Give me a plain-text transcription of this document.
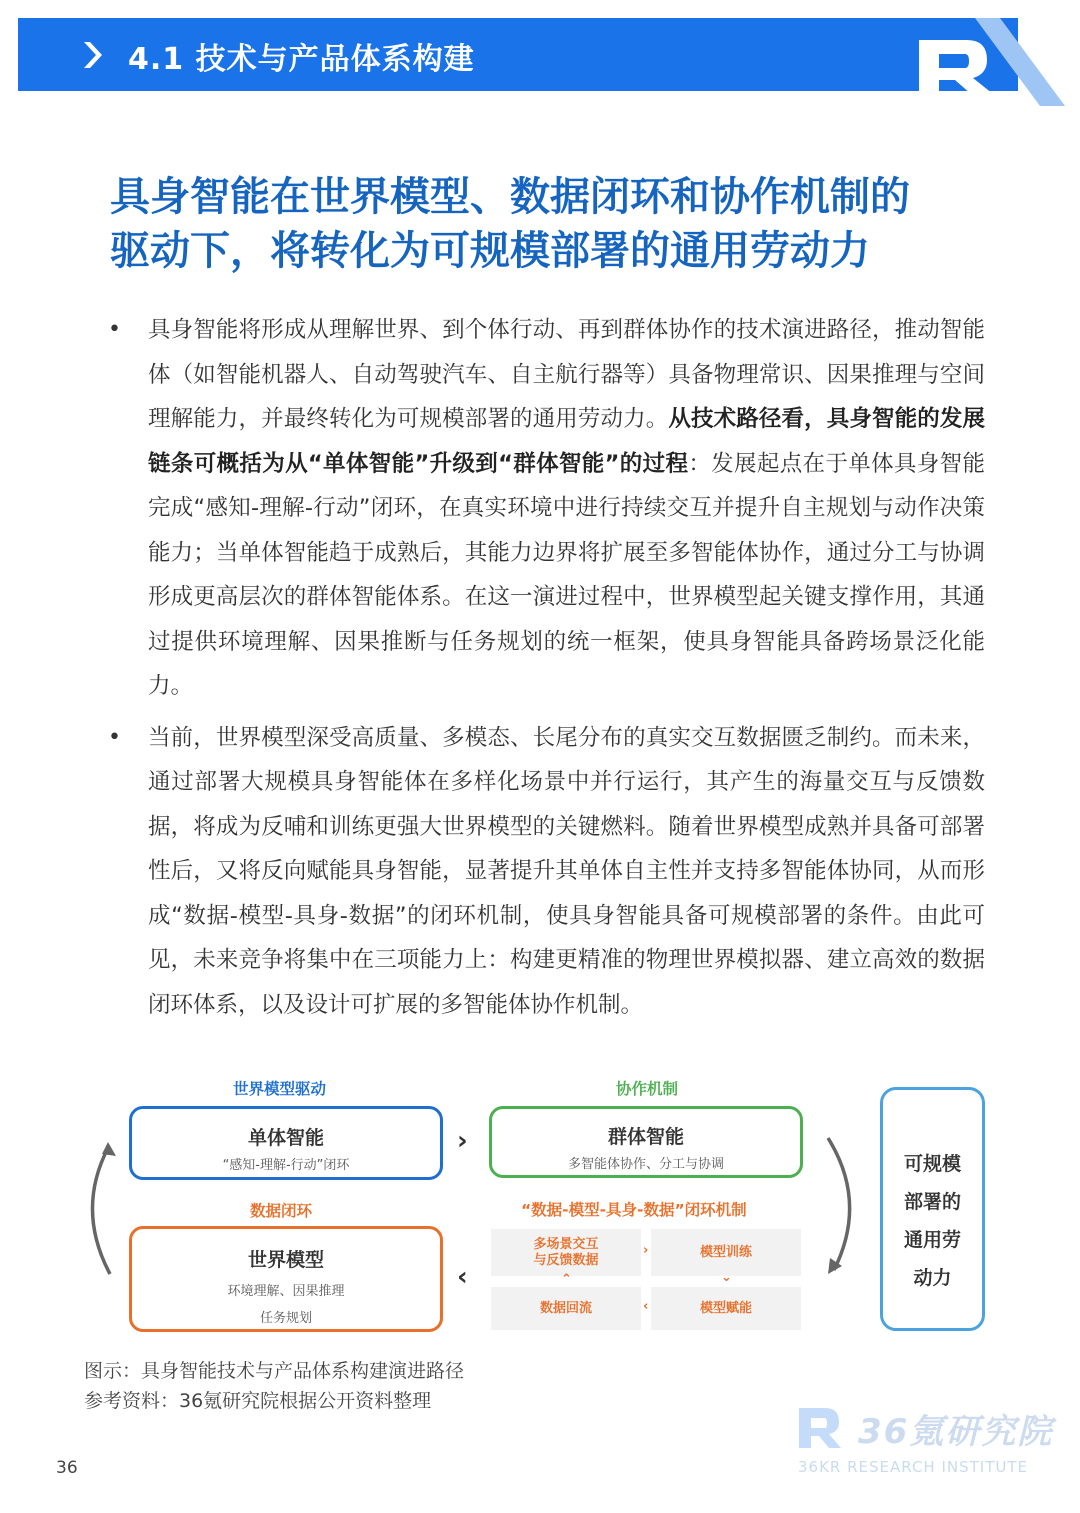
4.1 技术与产品体系构建
具身智能在世界模型、数据闭环和协作机制的
驱动下，将转化为可规模部署的通用劳动力
• 具身智能将形成从理解世界、到个体行动、再到群体协作的技术演进路径，推动智能体（如智能机器人、自动驾驶汽车、自主航行器等）具备物理常识、因果推理与空间理解能力，并最终转化为可规模部署的通用劳动力。从技术路径看，具身智能的发展链条可概括为从“单体智能”升级到“群体智能”的过程：发展起点在于单体具身智能完成“感知-理解-行动”闭环，在真实环境中进行持续交互并提升自主规划与动作决策能力；当单体智能趋于成熟后，其能力边界将扩展至多智能体协作，通过分工与协调形成更高层次的群体智能体系。在这一演进过程中，世界模型起关键支撑作用，其通过提供环境理解、因果推断与任务规划的统一框架，使具身智能具备跨场景泛化能力。
• 当前，世界模型深受高质量、多模态、长尾分布的真实交互数据匮乏制约。而未来，通过部署大规模具身智能体在多样化场景中并行运行，其产生的海量交互与反馈数据，将成为反哺和训练更强大世界模型的关键燃料。随着世界模型成熟并具备可部署性后，又将反向赋能具身智能，显著提升其单体自主性并支持多智能体协同，从而形成“数据-模型-具身-数据”的闭环机制，使具身智能具备可规模部署的条件。由此可见，未来竞争将集中在三项能力上：构建更精准的物理世界模拟器、建立高效的数据闭环体系，以及设计可扩展的多智能体协作机制。
世界模型驱动	协作机制
单体智能
“感知-理解-行动”闭环
›	群体智能
多智能体协作、分工与协调
数据闭环	“数据-模型-具身-数据”闭环机制
世界模型
环境理解、因果推理
任务规划
‹
多场景交互
与反馈数据
模型训练
数据回流	模型赋能
›
‹
⌃	⌄
可规模
部署的
通用劳
动力
图示：具身智能技术与产品体系构建演进路径
参考资料：36氪研究院根据公开资料整理
36氪研究院
36KR RESEARCH INSTITUTE
36
